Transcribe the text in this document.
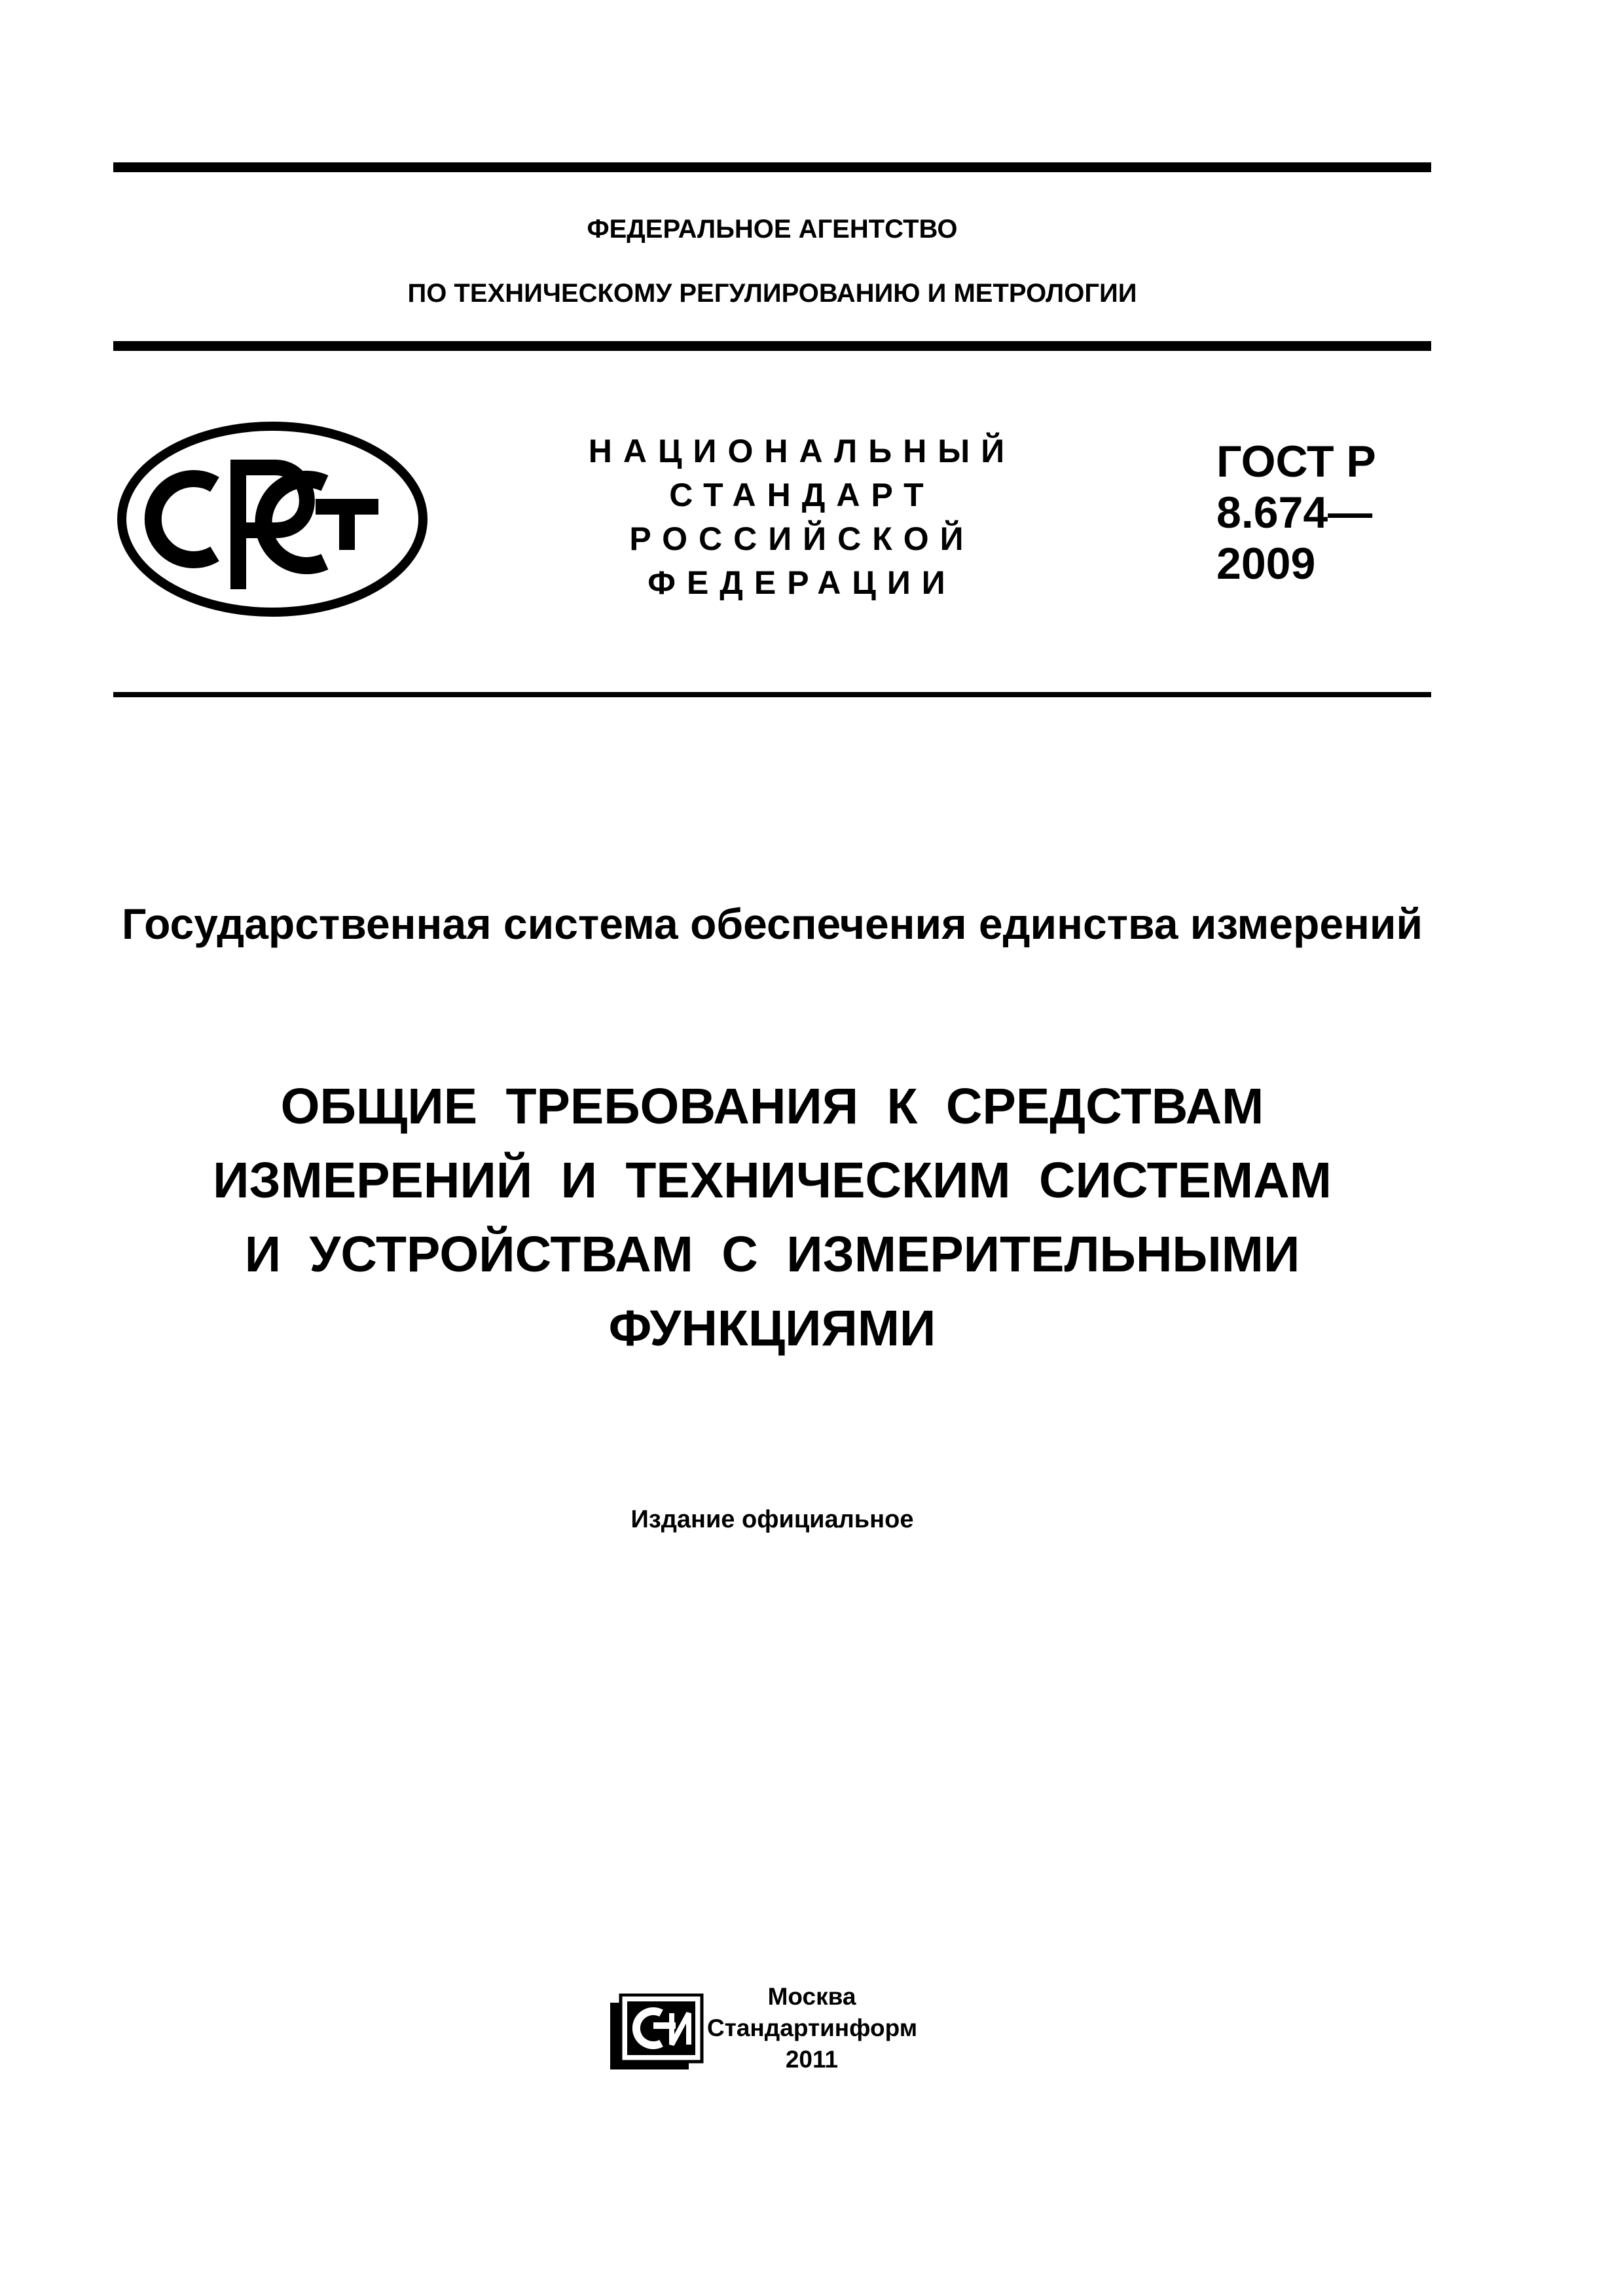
ФЕДЕРАЛЬНОЕ АГЕНТСТВО
ПО ТЕХНИЧЕСКОМУ РЕГУЛИРОВАНИЮ И МЕТРОЛОГИИ
РСТ
НАЦИОНАЛЬНЫЙ
СТАНДАРТ
РОССИЙСКОЙ
ФЕДЕРАЦИИ
ГОСТ Р
8.674—
2009
Государственная система обеспечения единства измерений
ОБЩИЕ ТРЕБОВАНИЯ К СРЕДСТВАМ
ИЗМЕРЕНИЙ И ТЕХНИЧЕСКИМ СИСТЕМАМ
И УСТРОЙСТВАМ С ИЗМЕРИТЕЛЬНЫМИ
ФУНКЦИЯМИ
Издание официальное
СИ	Москва
Стандартинформ
2011
